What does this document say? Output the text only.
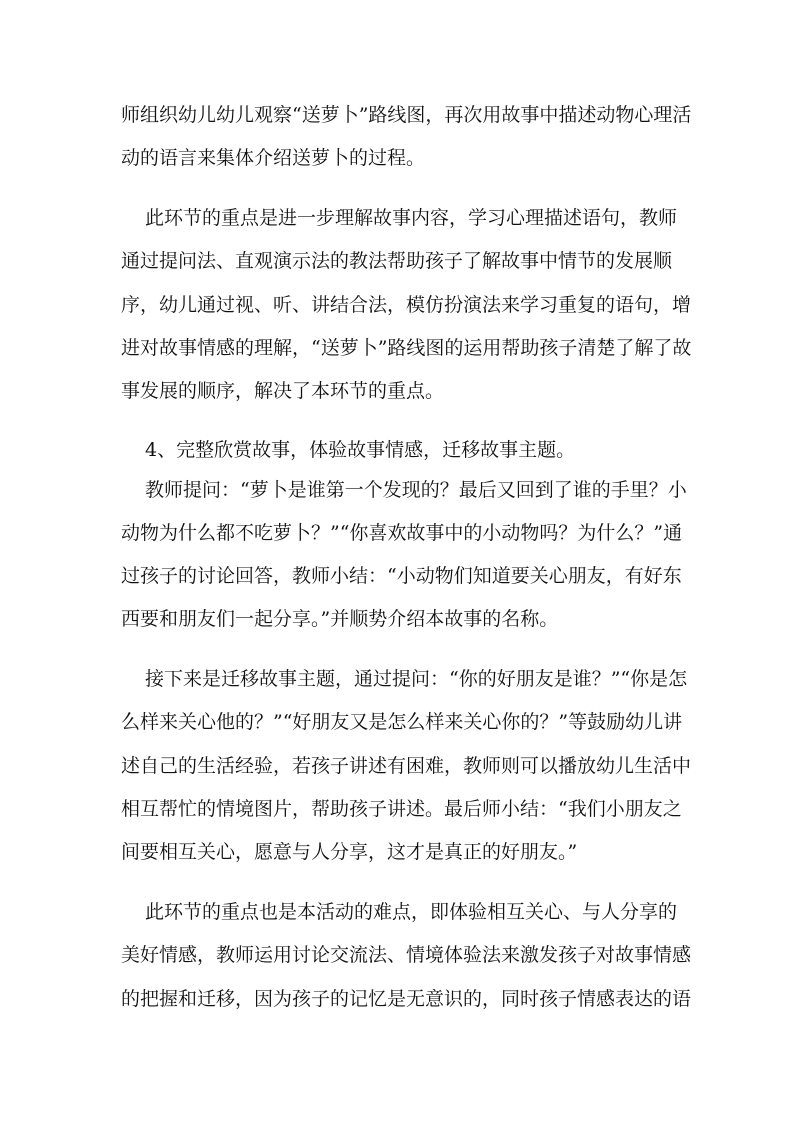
师组织幼儿幼儿观察“送萝卜”路线图，再次用故事中描述动物心理活
动的语言来集体介绍送萝卜的过程。
此环节的重点是进一步理解故事内容，学习心理描述语句，教师
通过提问法、直观演示法的教法帮助孩子了解故事中情节的发展顺
序，幼儿通过视、听、讲结合法，模仿扮演法来学习重复的语句，增
进对故事情感的理解，“送萝卜”路线图的运用帮助孩子清楚了解了故
事发展的顺序，解决了本环节的重点。
4、完整欣赏故事，体验故事情感，迁移故事主题。
教师提问：“萝卜是谁第一个发现的？最后又回到了谁的手里？小
动物为什么都不吃萝卜？”“你喜欢故事中的小动物吗？为什么？”通
过孩子的讨论回答，教师小结：“小动物们知道要关心朋友，有好东
西要和朋友们一起分享。”并顺势介绍本故事的名称。
接下来是迁移故事主题，通过提问：“你的好朋友是谁？”“你是怎
么样来关心他的？”“好朋友又是怎么样来关心你的？”等鼓励幼儿讲
述自己的生活经验，若孩子讲述有困难，教师则可以播放幼儿生活中
相互帮忙的情境图片，帮助孩子讲述。最后师小结：“我们小朋友之
间要相互关心，愿意与人分享，这才是真正的好朋友。”
此环节的重点也是本活动的难点，即体验相互关心、与人分享的
美好情感，教师运用讨论交流法、情境体验法来激发孩子对故事情感
的把握和迁移，因为孩子的记忆是无意识的，同时孩子情感表达的语
